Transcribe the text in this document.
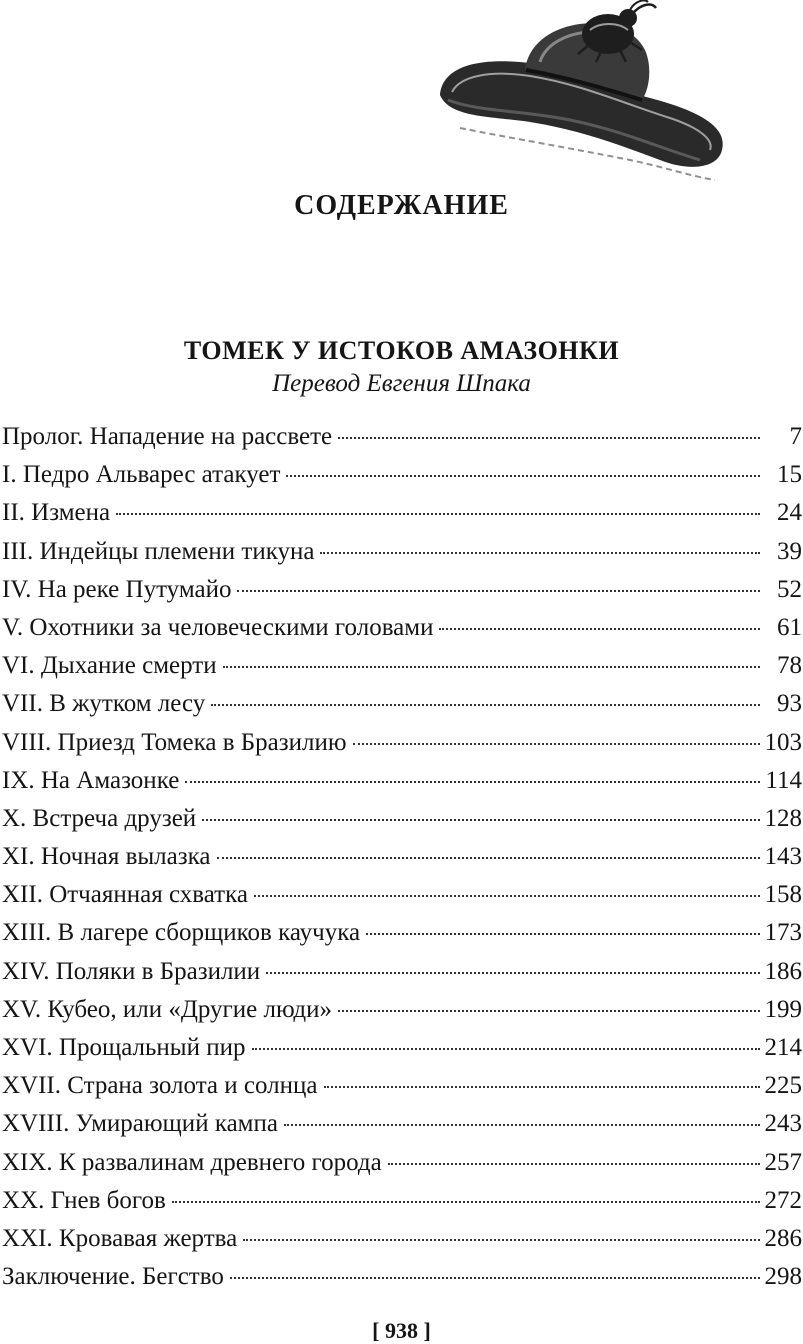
СОДЕРЖАНИЕ
ТОМЕК У ИСТОКОВ АМАЗОНКИ
Перевод Евгения Шпака
Пролог. Нападение на рассвете	7
I. Педро Альварес атакует	15
II. Измена	24
III. Индейцы племени тикуна	39
IV. На реке Путумайо	52
V. Охотники за человеческими головами	61
VI. Дыхание смерти	78
VII. В жутком лесу	93
VIII. Приезд Томека в Бразилию	103
IX. На Амазонке	114
X. Встреча друзей	128
XI. Ночная вылазка	143
XII. Отчаянная схватка	158
XIII. В лагере сборщиков каучука	173
XIV. Поляки в Бразилии	186
XV. Кубео, или «Другие люди»	199
XVI. Прощальный пир	214
XVII. Страна золота и солнца	225
XVIII. Умирающий кампа	243
XIX. К развалинам древнего города	257
XX. Гнев богов	272
XXI. Кровавая жертва	286
Заключение. Бегство	298
[ 938 ]
